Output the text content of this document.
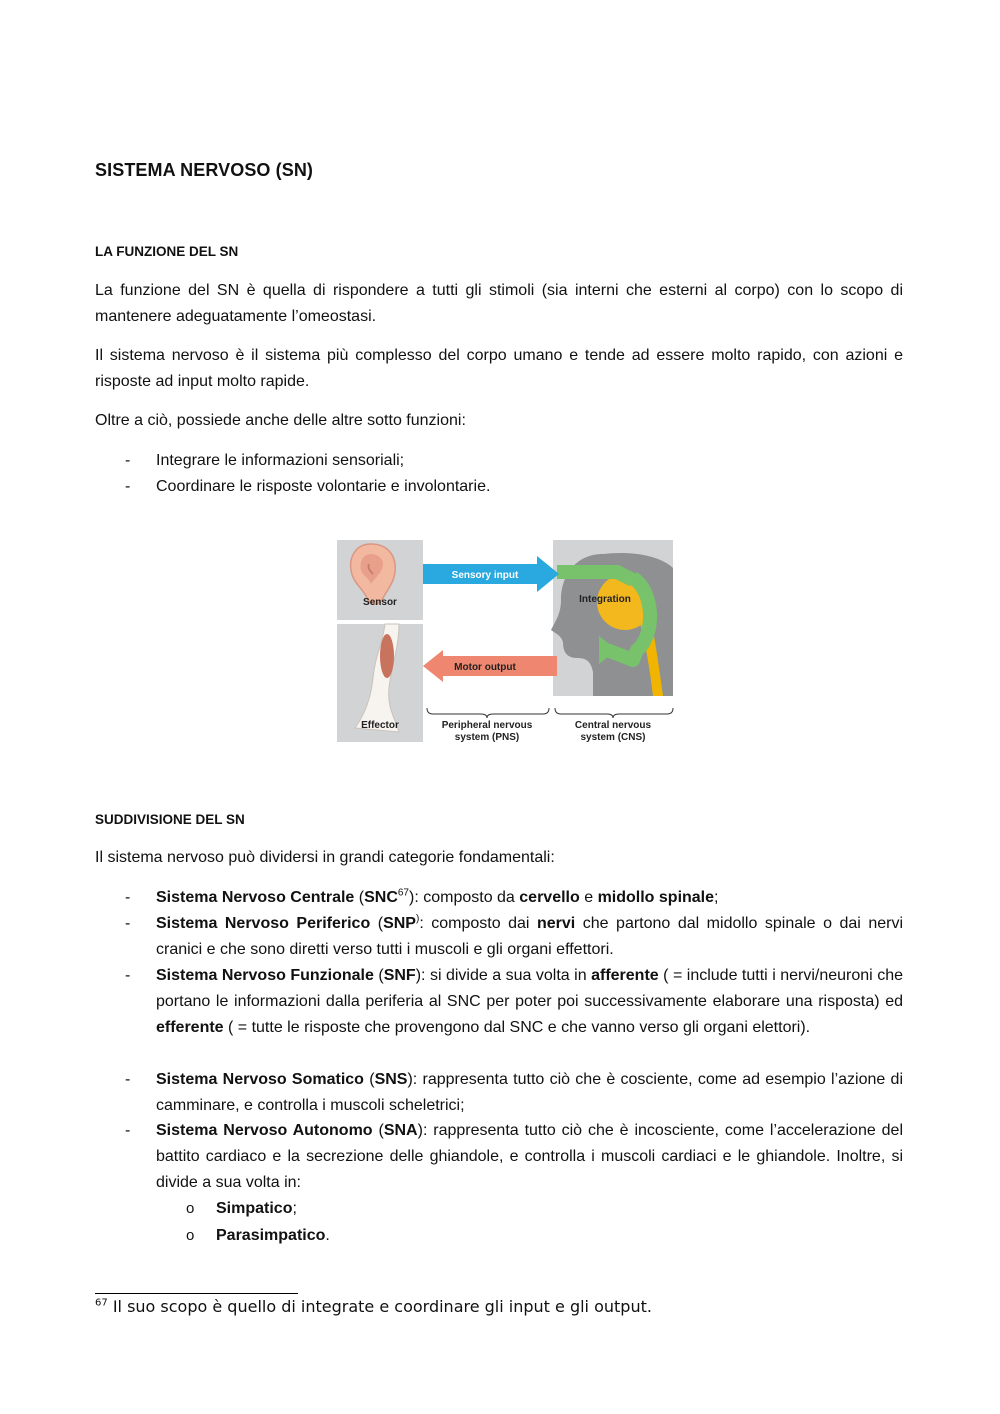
SISTEMA NERVOSO (SN)
LA FUNZIONE DEL SN
La funzione del SN è quella di rispondere a tutti gli stimoli (sia interni che esterni al corpo) con lo scopo di mantenere adeguatamente l’omeostasi.
Il sistema nervoso è il sistema più complesso del corpo umano e tende ad essere molto rapido, con azioni e risposte ad input molto rapide.
Oltre a ciò, possiede anche delle altre sotto funzioni:
- Integrare le informazioni sensoriali;
- Coordinare le risposte volontarie e involontarie.
SUDDIVISIONE DEL SN
Il sistema nervoso può dividersi in grandi categorie fondamentali:
- Sistema Nervoso Centrale (SNC$^{67}$): composto da cervello e midollo spinale;
- Sistema Nervoso Periferico (SNP): composto dai nervi che partono dal midollo spinale o dai nervi cranici e che sono diretti verso tutti i muscoli e gli organi effettori.
- Sistema Nervoso Funzionale (SNF): si divide a sua volta in afferente ( = include tutti i nervi/neuroni che portano le informazioni dalla periferia al SNC per poter poi successivamente elaborare una risposta) ed efferente ( = tutte le risposte che provengono dal SNC e che vanno verso gli organi elettori).
- Sistema Nervoso Somatico (SNS): rappresenta tutto ciò che è cosciente, come ad esempio l’azione di camminare, e controlla i muscoli scheletrici;
- Sistema Nervoso Autonomo (SNA): rappresenta tutto ciò che è incosciente, come l’accelerazione del battito cardiaco e la secrezione delle ghiandole, e controlla i muscoli cardiaci e le ghiandole. Inoltre, si divide a sua volta in:
o Simpatico;
o Parasimpatico.
$^{67}$ Il suo scopo è quello di integrate e coordinare gli input e gli output.
Sensor
Effector
Integration
Sensory input
Motor output
Peripheral nervous
system (PNS)
Central nervous
system (CNS)
